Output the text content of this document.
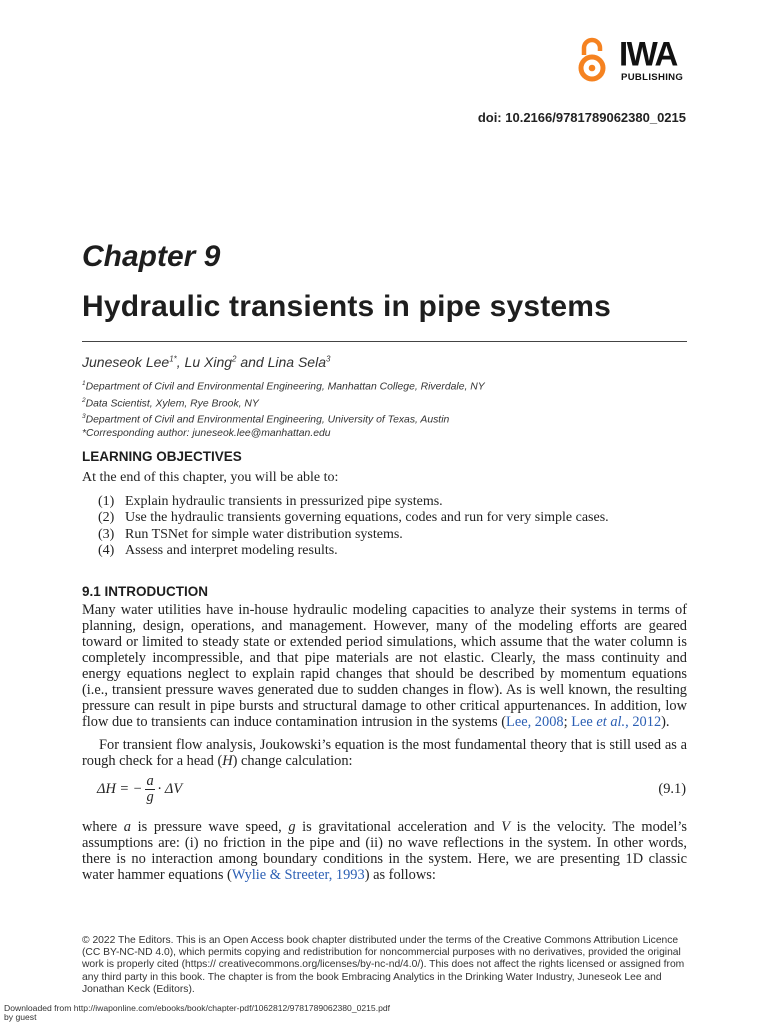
IWA
PUBLISHING
doi: 10.2166/9781789062380_0215
Chapter 9
Hydraulic transients in pipe systems
Juneseok Lee$^{1*}$, Lu Xing$^2$ and Lina Sela$^3$
$^1$Department of Civil and Environmental Engineering, Manhattan College, Riverdale, NY
$^2$Data Scientist, Xylem, Rye Brook, NY
$^3$Department of Civil and Environmental Engineering, University of Texas, Austin
*Corresponding author: juneseok.lee@manhattan.edu
LEARNING OBJECTIVES
At the end of this chapter, you will be able to:
(1) Explain hydraulic transients in pressurized pipe systems.
(2) Use the hydraulic transients governing equations, codes and run for very simple cases.
(3) Run TSNet for simple water distribution systems.
(4) Assess and interpret modeling results.
9.1 INTRODUCTION

Many water utilities have in-house hydraulic modeling capacities to analyze their systems in terms of planning, design, operations, and management. However, many of the modeling efforts are geared toward or limited to steady state or extended period simulations, which assume that the water column is completely incompressible, and that pipe materials are not elastic. Clearly, the mass continuity and energy equations neglect to explain rapid changes that should be described by momentum equations (i.e., transient pressure waves generated due to sudden changes in flow). As is well known, the resulting pressure can result in pipe bursts and structural damage to other critical appurtenances. In addition, low flow due to transients can induce contamination intrusion in the systems (Lee, 2008; Lee et al., 2012).

For transient flow analysis, Joukowski’s equation is the most fundamental theory that is still used as a rough check for a head (H) change calculation:

ΔH = − $\frac{a}{g} \cdot \Delta V$	(9.1)

where a is pressure wave speed, g is gravitational acceleration and V is the velocity. The model’s assumptions are: (i) no friction in the pipe and (ii) no wave reflections in the system. In other words, there is no interaction among boundary conditions in the system. Here, we are presenting 1D classic water hammer equations (Wylie & Streeter, 1993) as follows:

© 2022 The Editors. This is an Open Access book chapter distributed under the terms of the Creative Commons Attribution Licence (CC BY-NC-ND 4.0), which permits copying and redistribution for noncommercial purposes with no derivatives, provided the original work is properly cited (https:// creativecommons.org/licenses/by-nc-nd/4.0/). This does not affect the rights licensed or assigned from any third party in this book. The chapter is from the book Embracing Analytics in the Drinking Water Industry, Juneseok Lee and Jonathan Keck (Editors).

Downloaded from http://iwaponline.com/ebooks/book/chapter-pdf/1062812/9781789062380_0215.pdf
by guest
